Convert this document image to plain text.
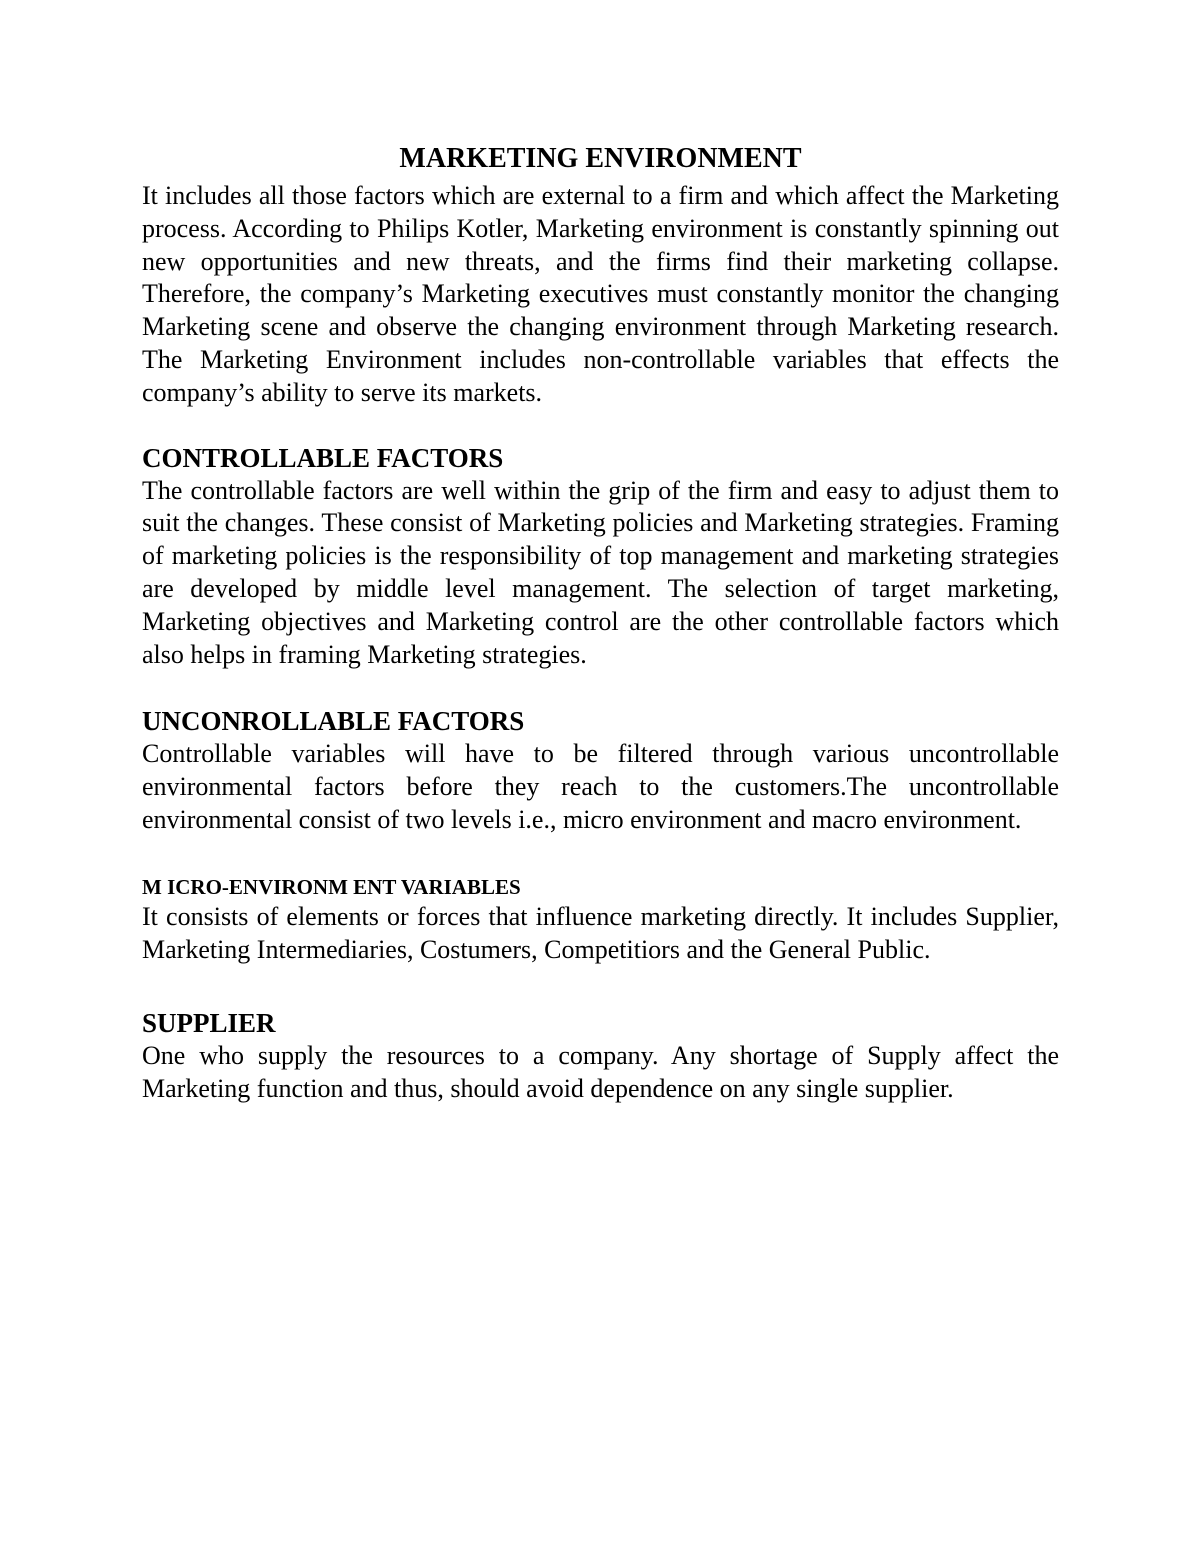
MARKETING ENVIRONMENT

It includes all those factors which are external to a firm and which affect the Marketing process. According to Philips Kotler, Marketing environment is constantly spinning out new opportunities and new threats, and the firms find their marketing collapse. Therefore, the company’s Marketing executives must constantly monitor the changing Marketing scene and observe the changing environment through Marketing research. The Marketing Environment includes non-controllable variables that effects the company’s ability to serve its markets.

CONTROLLABLE FACTORS

The controllable factors are well within the grip of the firm and easy to adjust them to suit the changes. These consist of Marketing policies and Marketing strategies. Framing of marketing policies is the responsibility of top management and marketing strategies are developed by middle level management. The selection of target marketing, Marketing objectives and Marketing control are the other controllable factors which also helps in framing Marketing strategies.

UNCONROLLABLE FACTORS

Controllable variables will have to be filtered through various uncontrollable environmental factors before they reach to the customers.The uncontrollable environmental consist of two levels i.e., micro environment and macro environment.

M ICRO-ENVIRONM ENT VARIABLES

It consists of elements or forces that influence marketing directly. It includes Supplier, Marketing Intermediaries, Costumers, Competitiors and the General Public.

SUPPLIER

One who supply the resources to a company. Any shortage of Supply affect the Marketing function and thus, should avoid dependence on any single supplier.
